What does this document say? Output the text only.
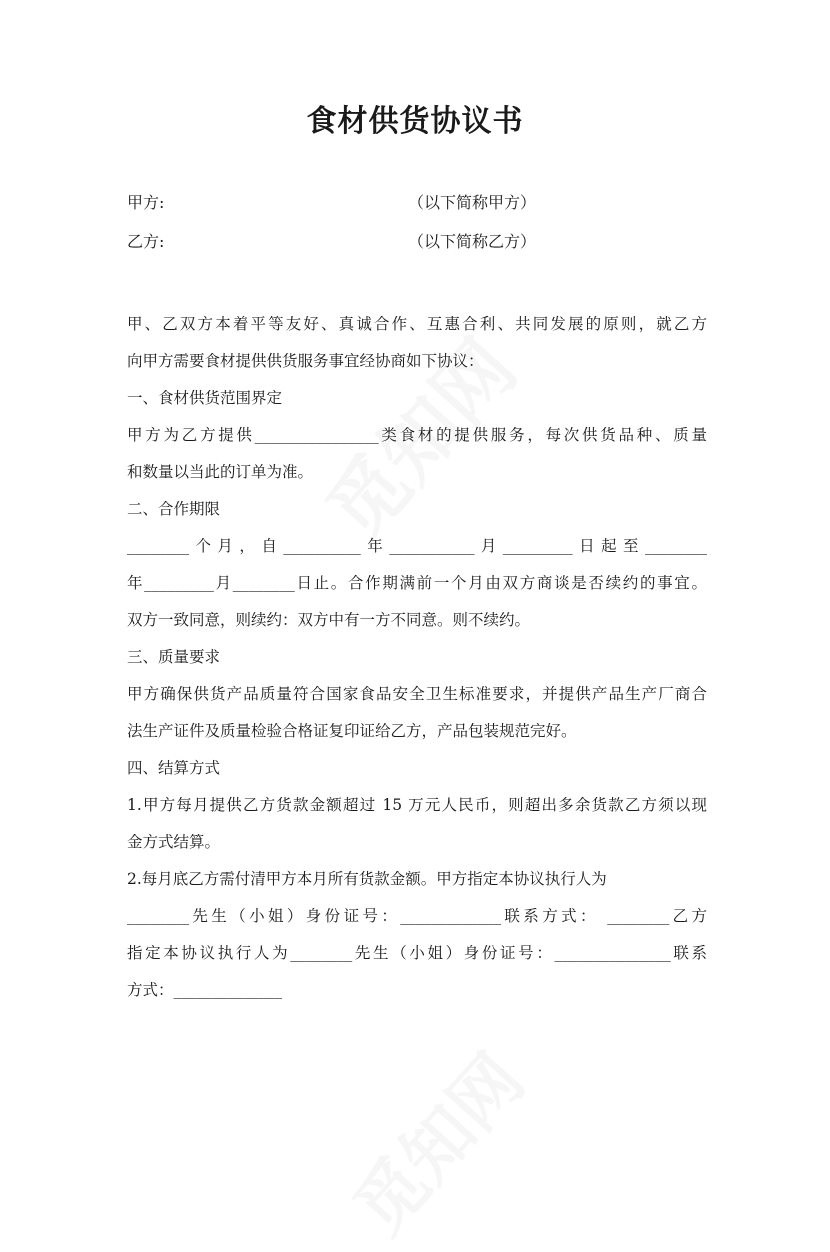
食材供货协议书
甲方:	（以下简称甲方）
乙方:	（以下简称乙方）
甲、乙双方本着平等友好、真诚合作、互惠合利、共同发展的原则，就乙方
向甲方需要食材提供供货服务事宜经协商如下协议：
一、食材供货范围界定
甲方为乙方提供________________类食材的提供服务，每次供货品种、质量
和数量以当此的订单为准。
二、合作期限
________个月，自__________年___________月_________日起至________
年_________月________日止。合作期满前一个月由双方商谈是否续约的事宜。
双方一致同意，则续约：双方中有一方不同意。则不续约。
三、质量要求
甲方确保供货产品质量符合国家食品安全卫生标准要求，并提供产品生产厂商合
法生产证件及质量检验合格证复印证给乙方，产品包装规范完好。
四、结算方式
1.甲方每月提供乙方货款金额超过 15 万元人民币，则超出多余货款乙方须以现
金方式结算。
2.每月底乙方需付清甲方本月所有货款金额。甲方指定本协议执行人为
________先生（小姐）身份证号：_____________联系方式： ________乙方
指定本协议执行人为________先生（小姐）身份证号：_______________联系
方式：______________
